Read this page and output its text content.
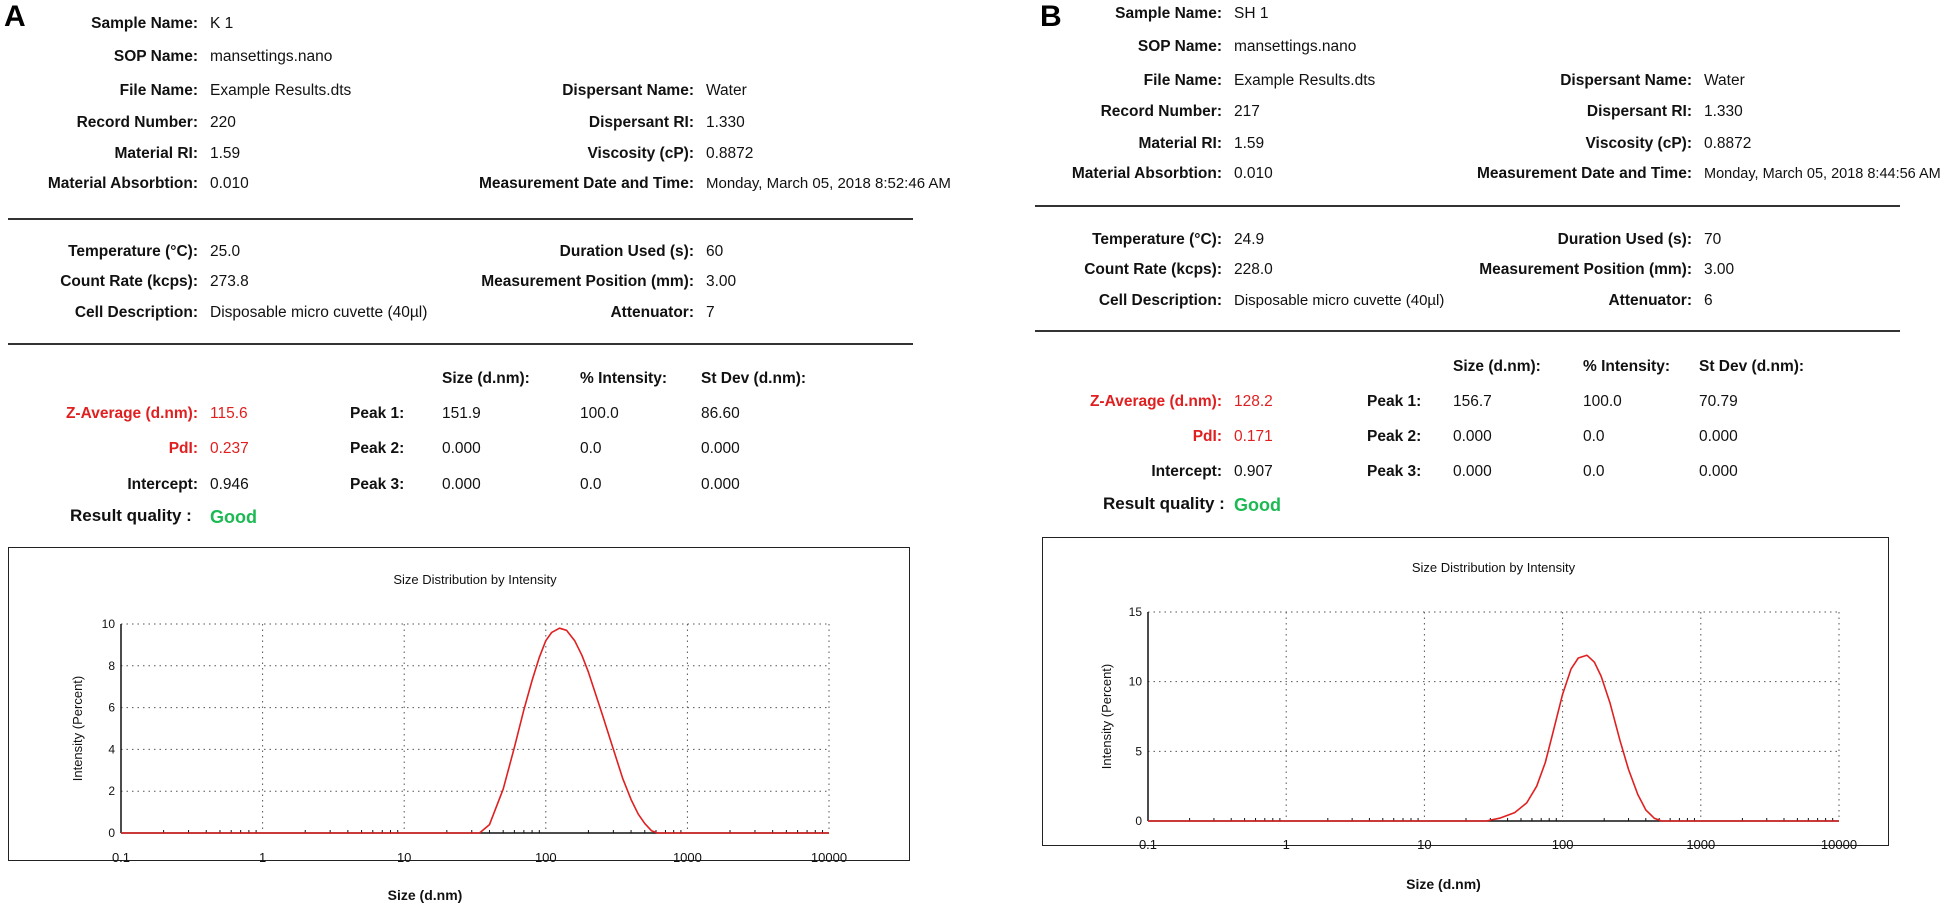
A	Sample Name: K 1
SOP Name: mansettings.nano
File Name: Example Results.dts
Record Number: 220
Material RI: 1.59
Material Absorbtion: 0.010
Dispersant Name: Water
Dispersant RI: 1.330
Viscosity (cP): 0.8872
Measurement Date and Time: Monday, March 05, 2018 8:52:46 AM
Temperature (°C): 25.0
Count Rate (kcps): 273.8
Cell Description: Disposable micro cuvette (40µl)
Duration Used (s): 60
Measurement Position (mm): 3.00
Attenuator: 7
Size (d.nm):	% Intensity: St Dev (d.nm):
Z-Average (d.nm): 115.6
PdI: 0.237
Intercept: 0.946
Result quality : Good
Peak 1: 151.9	100.0	86.60
Peak 2: 0.000	0.0	0.000
Peak 3: 0.000	0.0	0.000
Size Distribution by Intensity
0.1	1	10	100	1000	10000
0
2
4
6
8
10
Intensity (Percent)
Size (d.nm)
B	Sample Name: SH 1
SOP Name: mansettings.nano
File Name: Example Results.dts
Record Number: 217
Material RI: 1.59
Material Absorbtion: 0.010
Dispersant Name: Water
Dispersant RI: 1.330
Viscosity (cP): 0.8872
Measurement Date and Time: Monday, March 05, 2018 8:44:56 AM
Temperature (°C): 24.9
Count Rate (kcps): 228.0
Cell Description: Disposable micro cuvette (40µl)
Duration Used (s): 70
Measurement Position (mm): 3.00
Attenuator: 6
Size (d.nm):	% Intensity: St Dev (d.nm):
Z-Average (d.nm): 128.2
PdI: 0.171
Intercept: 0.907
Result quality : Good
Peak 1: 156.7	100.0	70.79
Peak 2: 0.000	0.0	0.000
Peak 3: 0.000	0.0	0.000
Size Distribution by Intensity
0.1	1	10	100	1000	10000
0
5
10
15
Intensity (Percent)
Size (d.nm)
